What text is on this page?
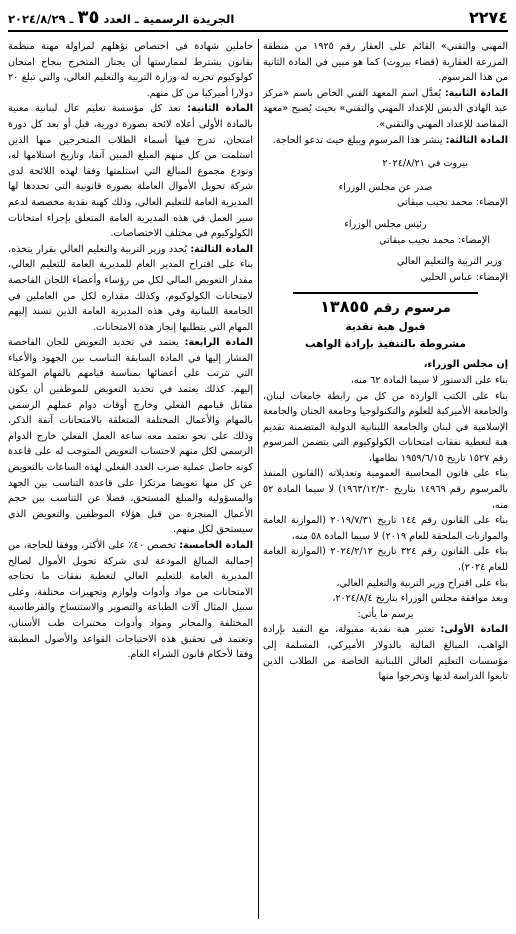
٢٢٧٤
الجريدة الرسمية ـ العدد ٣٥ ـ ٢٠٢٤/٨/٢٩

المهني والتقني» القائم على العقار رقم ١٩٢٥ من منطقة المزرعة العقارية (قضاء بيروت) كما هو مبين في المادة الثانية من هذا المرسوم.

المادة الثانية: يُعدَّل اسم المعهد الفني الخاص باسم «مركز عبد الهادي الدبس للإعداد المهني والتقني» بحيث يُصبح «معهد المقاصد للإعداد المهني والتقني».

المادة الثالثة: ينشر هذا المرسوم ويبلغ حيث تدعو الحاجة.

بيروت في ٢٠٢٤/٨/٢١

صدر عن مجلس الوزراء

الإمضاء: محمد نجيب ميقاتي

رئيس مجلس الوزراء

الإمضاء: محمد نجيب ميقاتي

وزير التربية والتعليم العالي

الإمضاء: عباس الحلبي

مرسوم رقم ١٣٨٥٥
قبول هبة نقدية
مشروطة بالتنفيذ بإرادة الواهب

إن مجلس الوزراء،

بناء على الدستور لا سيما المادة ٦٢ منه،

بناء على الكتب الواردة من كل من رابطة جامعات لبنان، والجامعة الأميركية للعلوم والتكنولوجيا وجامعة الجنان والجامعة الإسلامية في لبنان والجامعة اللبنانية الدولية المتضمنة تقديم هبة لتغطية نفقات امتحانات الكولوكيوم التي يتضمن المرسوم رقم ١٥٢٧ تاريخ ١٩٥٩/٦/١٥ نظامها،

بناء على قانون المحاسبة العمومية وتعديلاته (القانون المنفذ بالمرسوم رقم ١٤٩٦٩ بتاريخ ١٩٦٣/١٢/٣٠) لا سيما المادة ٥٢ منه،

بناء على القانون رقم ١٤٤ تاريخ ٢٠١٩/٧/٣١ (الموازنة العامة والموازنات الملحقة للعام ٢٠١٩) لا سيما المادة ٥٨ منه،

بناء على القانون رقم ٣٢٤ تاريخ ٢٠٢٤/٢/١٢ (الموازنة العامة للعام ٢٠٢٤)،

بناء على اقتراح وزير التربية والتعليم العالي،

وبعد موافقة مجلس الوزراء بتاريخ ٢٠٢٤/٨/٤،

يرسم ما يأتي:

المادة الأولى: تعتبر هبة نقدية مقبولة، مع التقيد بإرادة الواهب، المبالغ المالية بالدولار الأميركي، المسلمة إلى مؤسسات التعليم العالي اللبنانية الخاصة من الطلاب الذين تابعوا الدراسة لديها وتخرجوا منها

حاملين شهادة في اختصاص تؤهلهم لمزاولة مهنة منظمة بقانون يشترط لممارستها أن يجتاز المتخرج بنجاح امتحان كولوكيوم تجريه له وزارة التربية والتعليم العالي، والتي تبلغ ٢٠ دولارا أميركيا من كل منهم.

المادة الثانية: تعد كل مؤسسة تعليم عال لبنانية معنية بالمادة الأولى أعلاه لائحة بصورة دورية، قبل أو بعد كل دورة امتحان، تدرج فيها أسماء الطلاب المتخرجين منها الذين استلمت من كل منهم المبلغ المبين آنفا، وتاريخ استلامها له، وتودع مجموع المبالغ التي استلمتها وفقا لهذه اللائحة لدى شركة تحويل الأموال العاملة بصورة قانونية التي تحددها لها المديرية العامة للتعليم العالي، وذلك كهبة نقدية مخصصة لدعم سير العمل في هذه المديرية العامة المتعلق بإجراء امتحانات الكولوكيوم في مختلف الاختصاصات.

المادة الثالثة: يُحدد وزير التربية والتعليم العالي بقرار يتخذه، بناء على اقتراح المدير العام للمديرية العامة للتعليم العالي، مقدار التعويض المالي لكل من رؤساء وأعضاء اللجان الفاحصة لامتحانات الكولوكيوم، وكذلك مقداره لكل من العاملين في الجامعة اللبنانية وفي هذه المديرية العامة الذين تسند إليهم المهام التي يتطلبها إنجاز هذه الامتحانات.

المادة الرابعة: يعتمد في تحديد التعويض للجان الفاحصة المشار إليها في المادة السابقة التناسب بين الجهود والأعباء التي تترتب على أعضائها بمناسبة قيامهم بالمهام الموكلة إليهم. كذلك يعتمد في تحديد التعويض للموظفين أن يكون مقابل قيامهم الفعلي وخارج أوقات دوام عملهم الرسمي بالمهام والأعمال المختلفة المتعلقة بالامتحانات آنفة الذكر، وذلك على نحو تعتمد معه ساعة العمل الفعلي خارج الدوام الرسمي لكل منهم لاحتساب التعويض المتوجب له على قاعدة كونه حاصل عملية ضرب العدد الفعلي لهذه الساعات بالتعويض عن كل منها تعويضا مرتكزا على قاعدة التناسب بين الجهد والمسؤولية والمبلغ المستحق، فضلا عن التناسب بين حجم الأعمال المنجزة من قبل هؤلاء الموظفين والتعويض الذي سيستحق لكل منهم.

المادة الخامسة: تخصص ٤٠٪ على الأكثر، ووفقا للحاجة، من إجمالية المبالغ المودعة لدى شركة تحويل الأموال لصالح المديرية العامة للتعليم العالي لتغطية نفقات ما تحتاجه الامتحانات من مواد وأدوات ولوازم وتجهيزات مختلفة، وعلى سبيل المثال آلات الطباعة والتصوير والاستنساخ والقرطاسية المختلفة والمحابر ومواد وأدوات مختبرات طب الأسنان، وتعتمد في تحقيق هذه الاحتياجات القواعد والأصول المطبقة وفقا لأحكام قانون الشراء العام.
